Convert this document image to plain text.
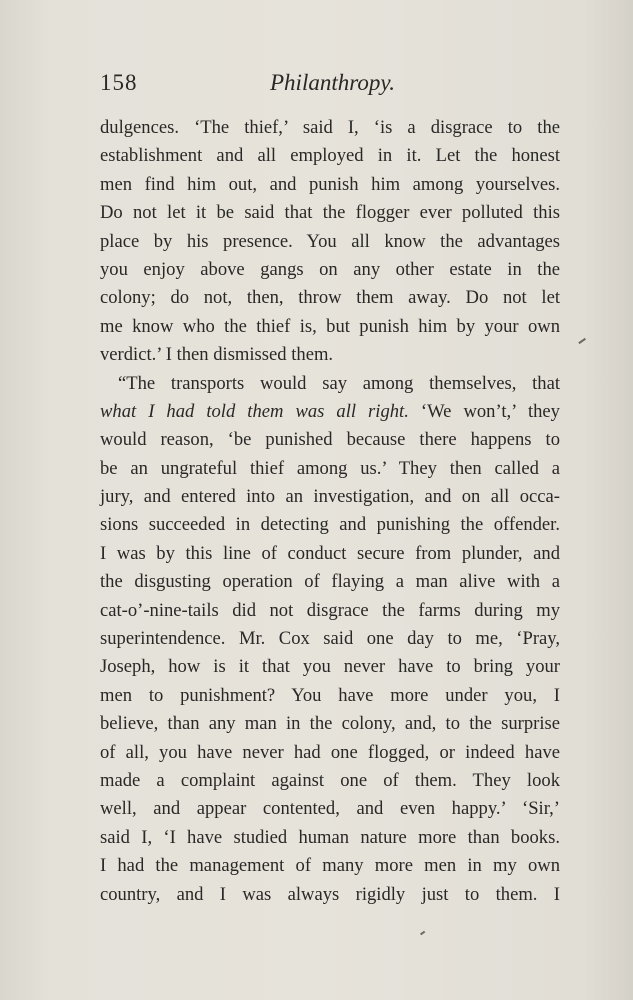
158	Philanthropy.
dulgences. ‘The thief,’ said I, ‘is a disgrace to the
establishment and all employed in it. Let the honest
men find him out, and punish him among yourselves.
Do not let it be said that the flogger ever polluted this
place by his presence. You all know the advantages
you enjoy above gangs on any other estate in the
colony; do not, then, throw them away. Do not let
me know who the thief is, but punish him by your own
verdict.’ I then dismissed them.
“The transports would say among themselves, that
what I had told them was all right. ‘We won’t,’ they
would reason, ‘be punished because there happens to
be an ungrateful thief among us.’ They then called a
jury, and entered into an investigation, and on all occa-
sions succeeded in detecting and punishing the offender.
I was by this line of conduct secure from plunder, and
the disgusting operation of flaying a man alive with a
cat-o’-nine-tails did not disgrace the farms during my
superintendence. Mr. Cox said one day to me, ‘Pray,
Joseph, how is it that you never have to bring your
men to punishment? You have more under you, I
believe, than any man in the colony, and, to the surprise
of all, you have never had one flogged, or indeed have
made a complaint against one of them. They look
well, and appear contented, and even happy.’ ‘Sir,’
said I, ‘I have studied human nature more than books.
I had the management of many more men in my own
country, and I was always rigidly just to them. I
